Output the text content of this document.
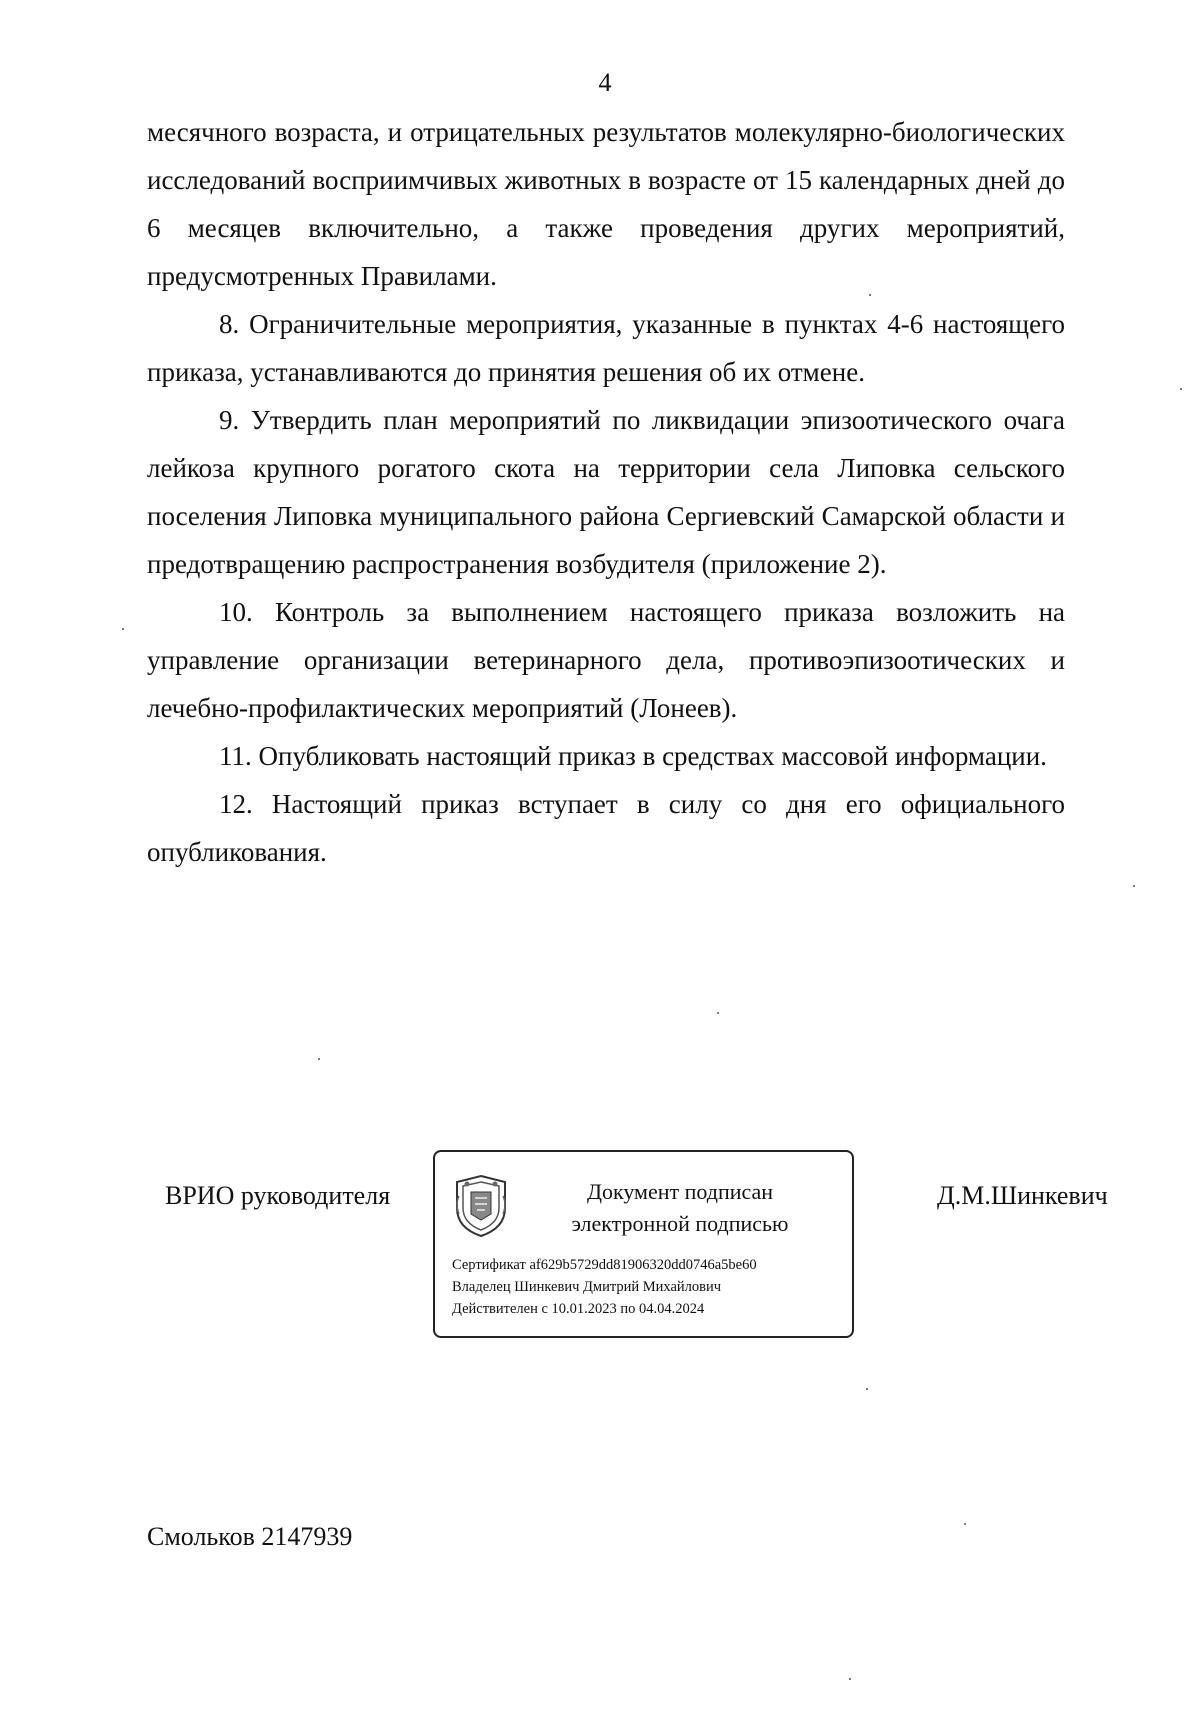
4

месячного возраста, и отрицательных результатов молекулярно-биологических исследований восприимчивых животных в возрасте от 15 календарных дней до 6 месяцев включительно, а также проведения других мероприятий, предусмотренных Правилами.

8. Ограничительные мероприятия, указанные в пунктах 4-6 настоящего приказа, устанавливаются до принятия решения об их отмене.

9. Утвердить план мероприятий по ликвидации эпизоотического очага лейкоза крупного рогатого скота на территории села Липовка сельского поселения Липовка муниципального района Сергиевский Самарской области и предотвращению распространения возбудителя (приложение 2).

10. Контроль за выполнением настоящего приказа возложить на управление организации ветеринарного дела, противоэпизоотических и лечебно-профилактических мероприятий (Лонеев).

11. Опубликовать настоящий приказ в средствах массовой информации.

12. Настоящий приказ вступает в силу со дня его официального опубликования.

ВРИО руководителя	Документ подписан
электронной подписью
Сертификат af629b5729dd81906320dd0746a5be60
Владелец Шинкевич Дмитрий Михайлович
Действителен с 10.01.2023 по 04.04.2024
Д.М.Шинкевич
Смольков 2147939
